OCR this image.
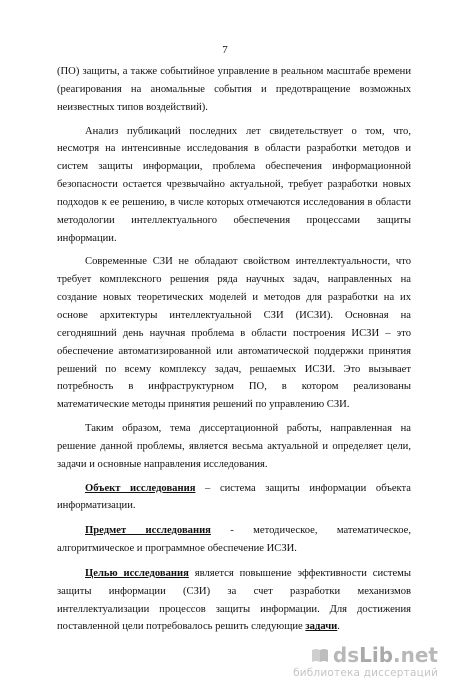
7

(ПО) защиты, а также событийное управление в реальном масштабе времени (реагирования на аномальные события и предотвращение возможных неизвестных типов воздействий).

Анализ публикаций последних лет свидетельствует о том, что, несмотря на интенсивные исследования в области разработки методов и систем защиты информации, проблема обеспечения информационной безопасности остается чрезвычайно актуальной, требует разработки новых подходов к ее решению, в числе которых отмечаются исследования в области методологии интеллектуального обеспечения процессами защиты информации.

Современные СЗИ не обладают свойством интеллектуальности, что требует комплексного решения ряда научных задач, направленных на создание новых теоретических моделей и методов для разработки на их основе архитектуры интеллектуальной СЗИ (ИСЗИ). Основная на сегодняшний день научная проблема в области построения ИСЗИ – это обеспечение автоматизированной или автоматической поддержки принятия решений по всему комплексу задач, решаемых ИСЗИ. Это вызывает потребность в инфраструктурном ПО, в котором реализованы математические методы принятия решений по управлению СЗИ.

Таким образом, тема диссертационной работы, направленная на решение данной проблемы, является весьма актуальной и определяет цели, задачи и основные направления исследования.

Объект исследования – система защиты информации объекта информатизации.

Предмет исследования - методическое, математическое, алгоритмическое и программное обеспечение ИСЗИ.

Целью исследования является повышение эффективности системы защиты информации (СЗИ) за счет разработки механизмов интеллектуализации процессов защиты информации. Для достижения поставленной цели потребовалось решить следующие задачи.

dsLib.net
библиотека диссертаций
